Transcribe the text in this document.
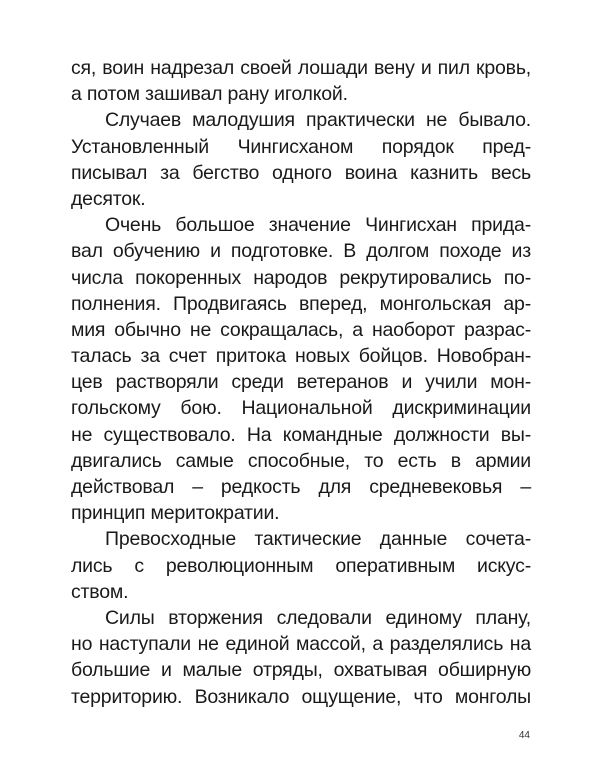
ся, воин надрезал своей лошади вену и пил кровь,
а потом зашивал рану иголкой.
Случаев малодушия практически не бывало.
Установленный Чингисханом порядок пред-
писывал за бегство одного воина казнить весь
десяток.
Очень большое значение Чингисхан прида-
вал обучению и подготовке. В долгом походе из
числа покоренных народов рекрутировались по-
полнения. Продвигаясь вперед, монгольская ар-
мия обычно не сокращалась, а наоборот разрас-
талась за счет притока новых бойцов. Новобран-
цев растворяли среди ветеранов и учили мон-
гольскому бою. Национальной дискриминации
не существовало. На командные должности вы-
двигались самые способные, то есть в армии
действовал – редкость для средневековья –
принцип меритократии.
Превосходные тактические данные сочета-
лись с революционным оперативным искус-
ством.
Силы вторжения следовали единому плану,
но наступали не единой массой, а разделялись на
большие и малые отряды, охватывая обширную
территорию. Возникало ощущение, что монголы
44
